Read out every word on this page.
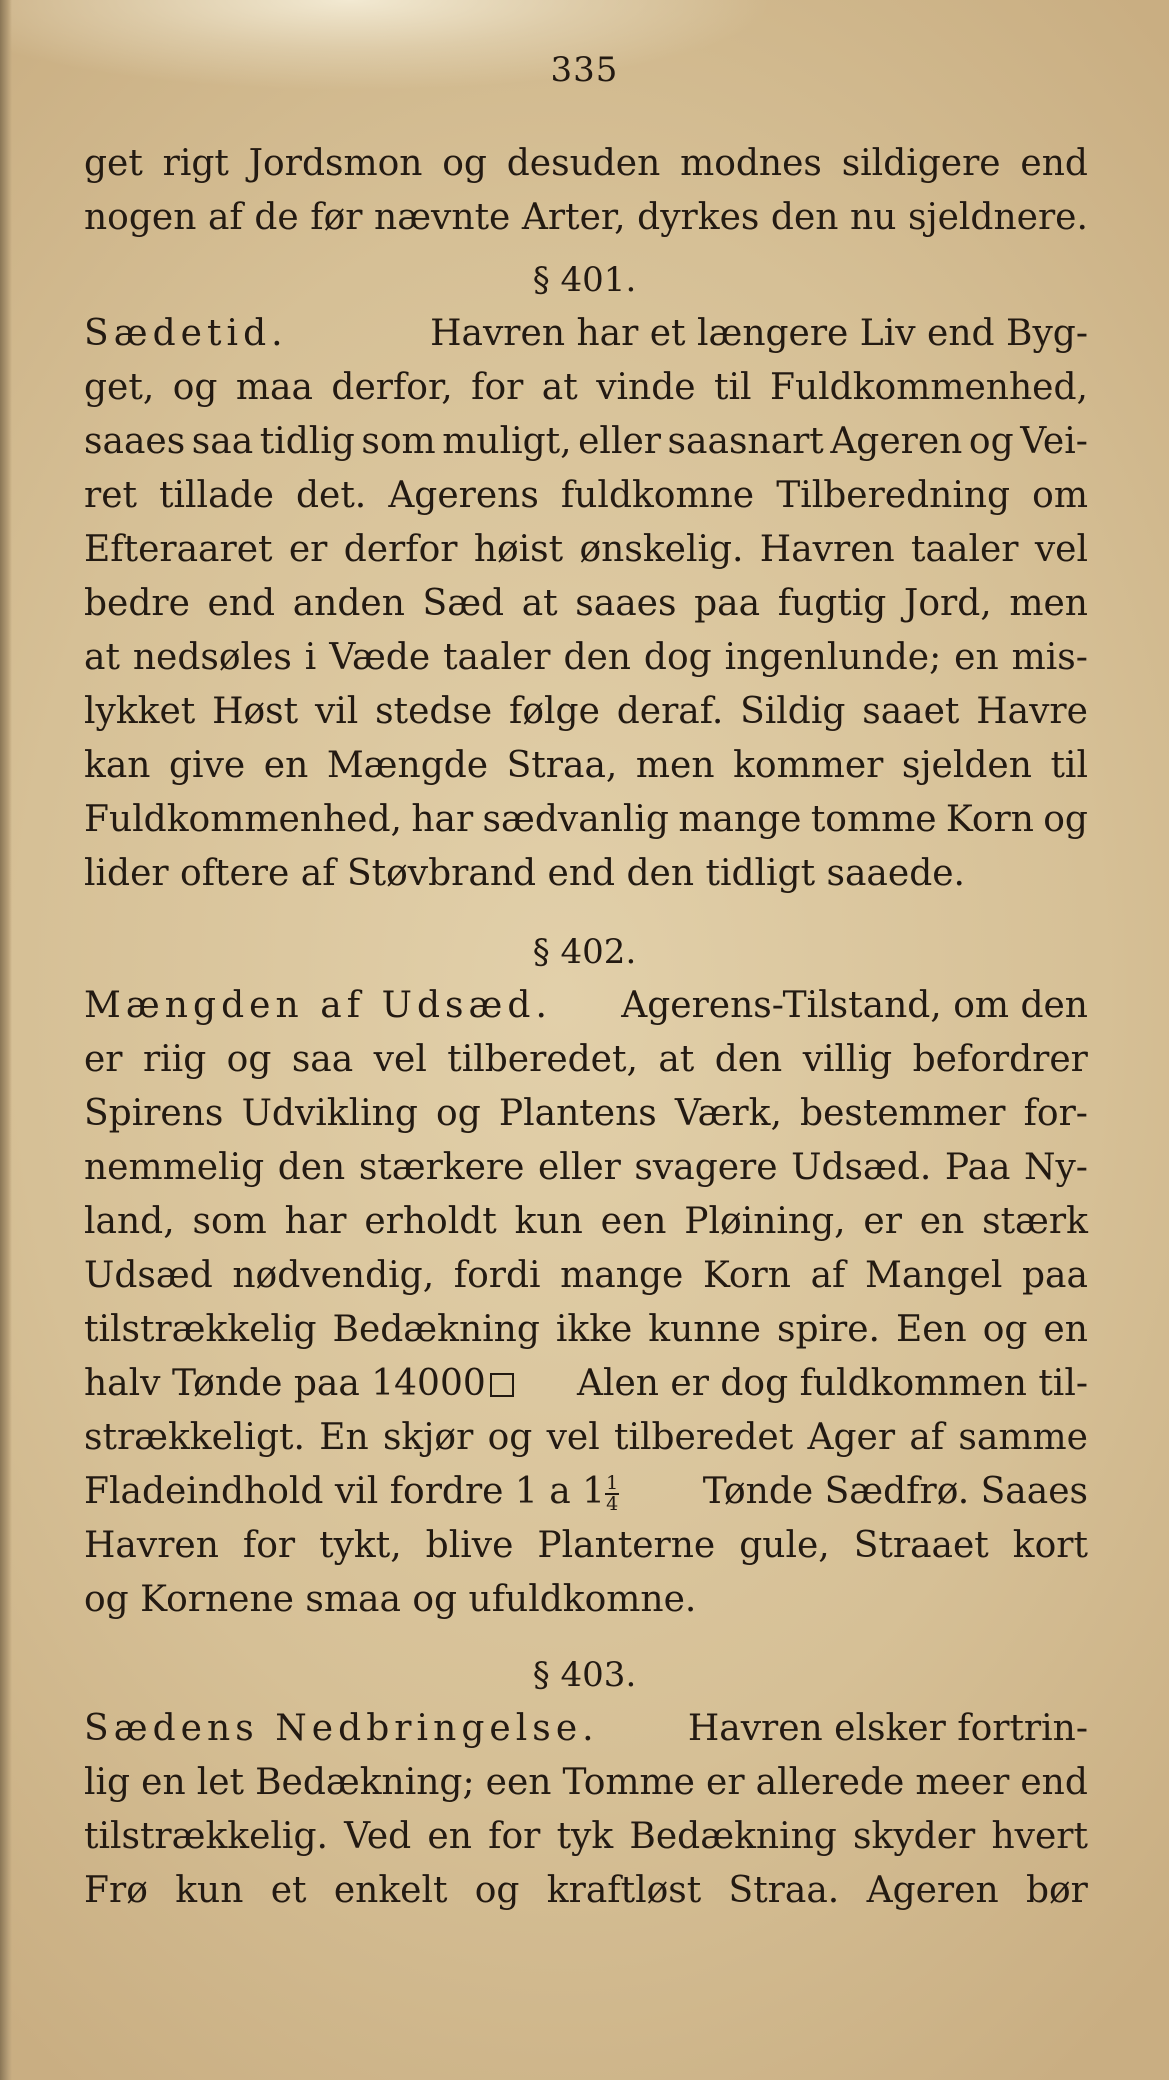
335
get rigt Jordsmon og desuden modnes sildigere end
nogen af de før nævnte Arter, dyrkes den nu sjeldnere.
§ 401.
Sædetid.	Havren har et længere Liv end Byg-
get, og maa derfor, for at vinde til Fuldkommenhed,
saaes saa tidlig som muligt, eller saasnart Ageren og Vei-
ret tillade det. Agerens fuldkomne Tilberedning om
Efteraaret er derfor høist ønskelig. Havren taaler vel
bedre end anden Sæd at saaes paa fugtig Jord, men
at nedsøles i Væde taaler den dog ingenlunde; en mis-
lykket Høst vil stedse følge deraf. Sildig saaet Havre
kan give en Mængde Straa, men kommer sjelden til
Fuldkommenhed, har sædvanlig mange tomme Korn og
lider oftere af Støvbrand end den tidligt saaede.
§ 402.
Mængden af Udsæd. Agerens-Tilstand, om den
er riig og saa vel tilberedet, at den villig befordrer
Spirens Udvikling og Plantens Værk, bestemmer for-
nemmelig den stærkere eller svagere Udsæd. Paa Ny-
land, som har erholdt kun een Pløining, er en stærk
Udsæd nødvendig, fordi mange Korn af Mangel paa
tilstrækkelig Bedækning ikke kunne spire. Een og en
halv Tønde paa 14000	Alen er dog fuldkommen til-
strækkeligt. En skjør og vel tilberedet Ager af samme
Fladeindhold vil fordre 1 a $1 \frac{1}{4}$ Tønde Sædfrø. Saaes
Havren for tykt, blive Planterne gule, Straaet kort
og Kornene smaa og ufuldkomne.
§ 403.
Sædens Nedbringelse. Havren elsker fortrin-
lig en let Bedækning; een Tomme er allerede meer end
tilstrækkelig. Ved en for tyk Bedækning skyder hvert
Frø kun et enkelt og kraftløst Straa. Ageren bør
